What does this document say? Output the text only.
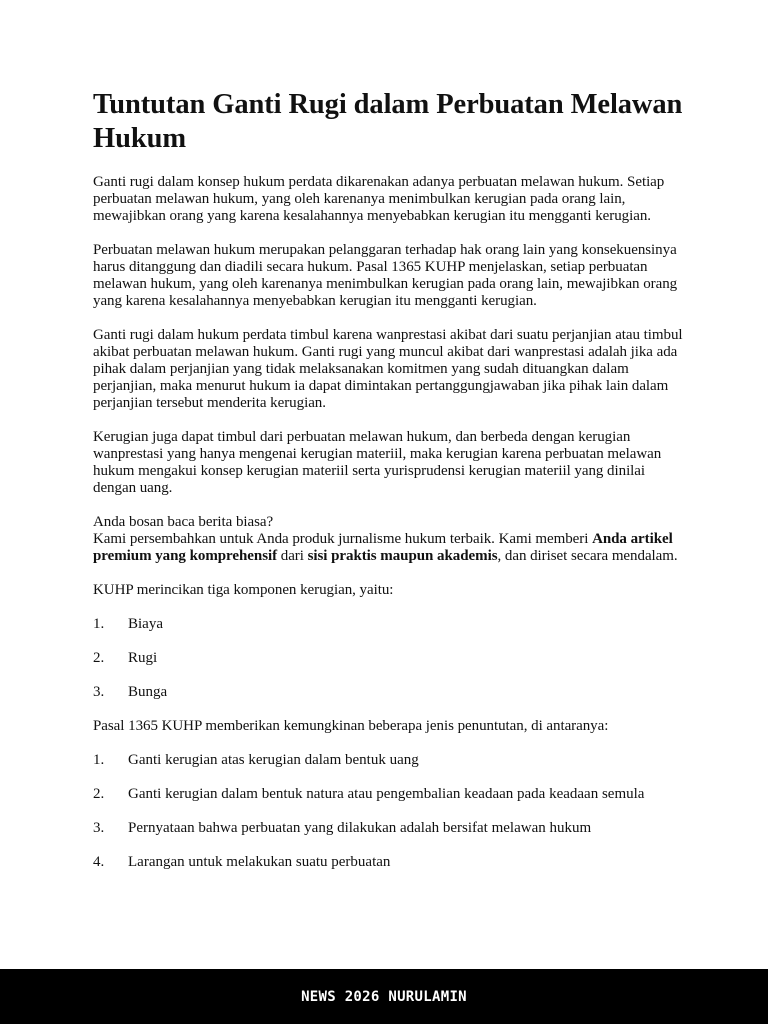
Tuntutan Ganti Rugi dalam Perbuatan Melawan Hukum

Ganti rugi dalam konsep hukum perdata dikarenakan adanya perbuatan melawan hukum. Setiap perbuatan melawan hukum, yang oleh karenanya menimbulkan kerugian pada orang lain, mewajibkan orang yang karena kesalahannya menyebabkan kerugian itu mengganti kerugian.

Perbuatan melawan hukum merupakan pelanggaran terhadap hak orang lain yang konsekuensinya harus ditanggung dan diadili secara hukum. Pasal 1365 KUHP menjelaskan, setiap perbuatan melawan hukum, yang oleh karenanya menimbulkan kerugian pada orang lain, mewajibkan orang yang karena kesalahannya menyebabkan kerugian itu mengganti kerugian.

Ganti rugi dalam hukum perdata timbul karena wanprestasi akibat dari suatu perjanjian atau timbul akibat perbuatan melawan hukum. Ganti rugi yang muncul akibat dari wanprestasi adalah jika ada pihak dalam perjanjian yang tidak melaksanakan komitmen yang sudah dituangkan dalam perjanjian, maka menurut hukum ia dapat dimintakan pertanggungjawaban jika pihak lain dalam perjanjian tersebut menderita kerugian.

Kerugian juga dapat timbul dari perbuatan melawan hukum, dan berbeda dengan kerugian wanprestasi yang hanya mengenai kerugian materiil, maka kerugian karena perbuatan melawan hukum mengakui konsep kerugian materiil serta yurisprudensi kerugian materiil yang dinilai dengan uang.

Anda bosan baca berita biasa?
Kami persembahkan untuk Anda produk jurnalisme hukum terbaik. Kami memberi Anda artikel premium yang komprehensif dari sisi praktis maupun akademis, dan diriset secara mendalam.

KUHP merincikan tiga komponen kerugian, yaitu:

1.	Biaya
2.	Rugi
3.	Bunga

Pasal 1365 KUHP memberikan kemungkinan beberapa jenis penuntutan, di antaranya:

1.	Ganti kerugian atas kerugian dalam bentuk uang
2.	Ganti kerugian dalam bentuk natura atau pengembalian keadaan pada keadaan semula
3.	Pernyataan bahwa perbuatan yang dilakukan adalah bersifat melawan hukum
4.	Larangan untuk melakukan suatu perbuatan
NEWS 2026 NURULAMIN
